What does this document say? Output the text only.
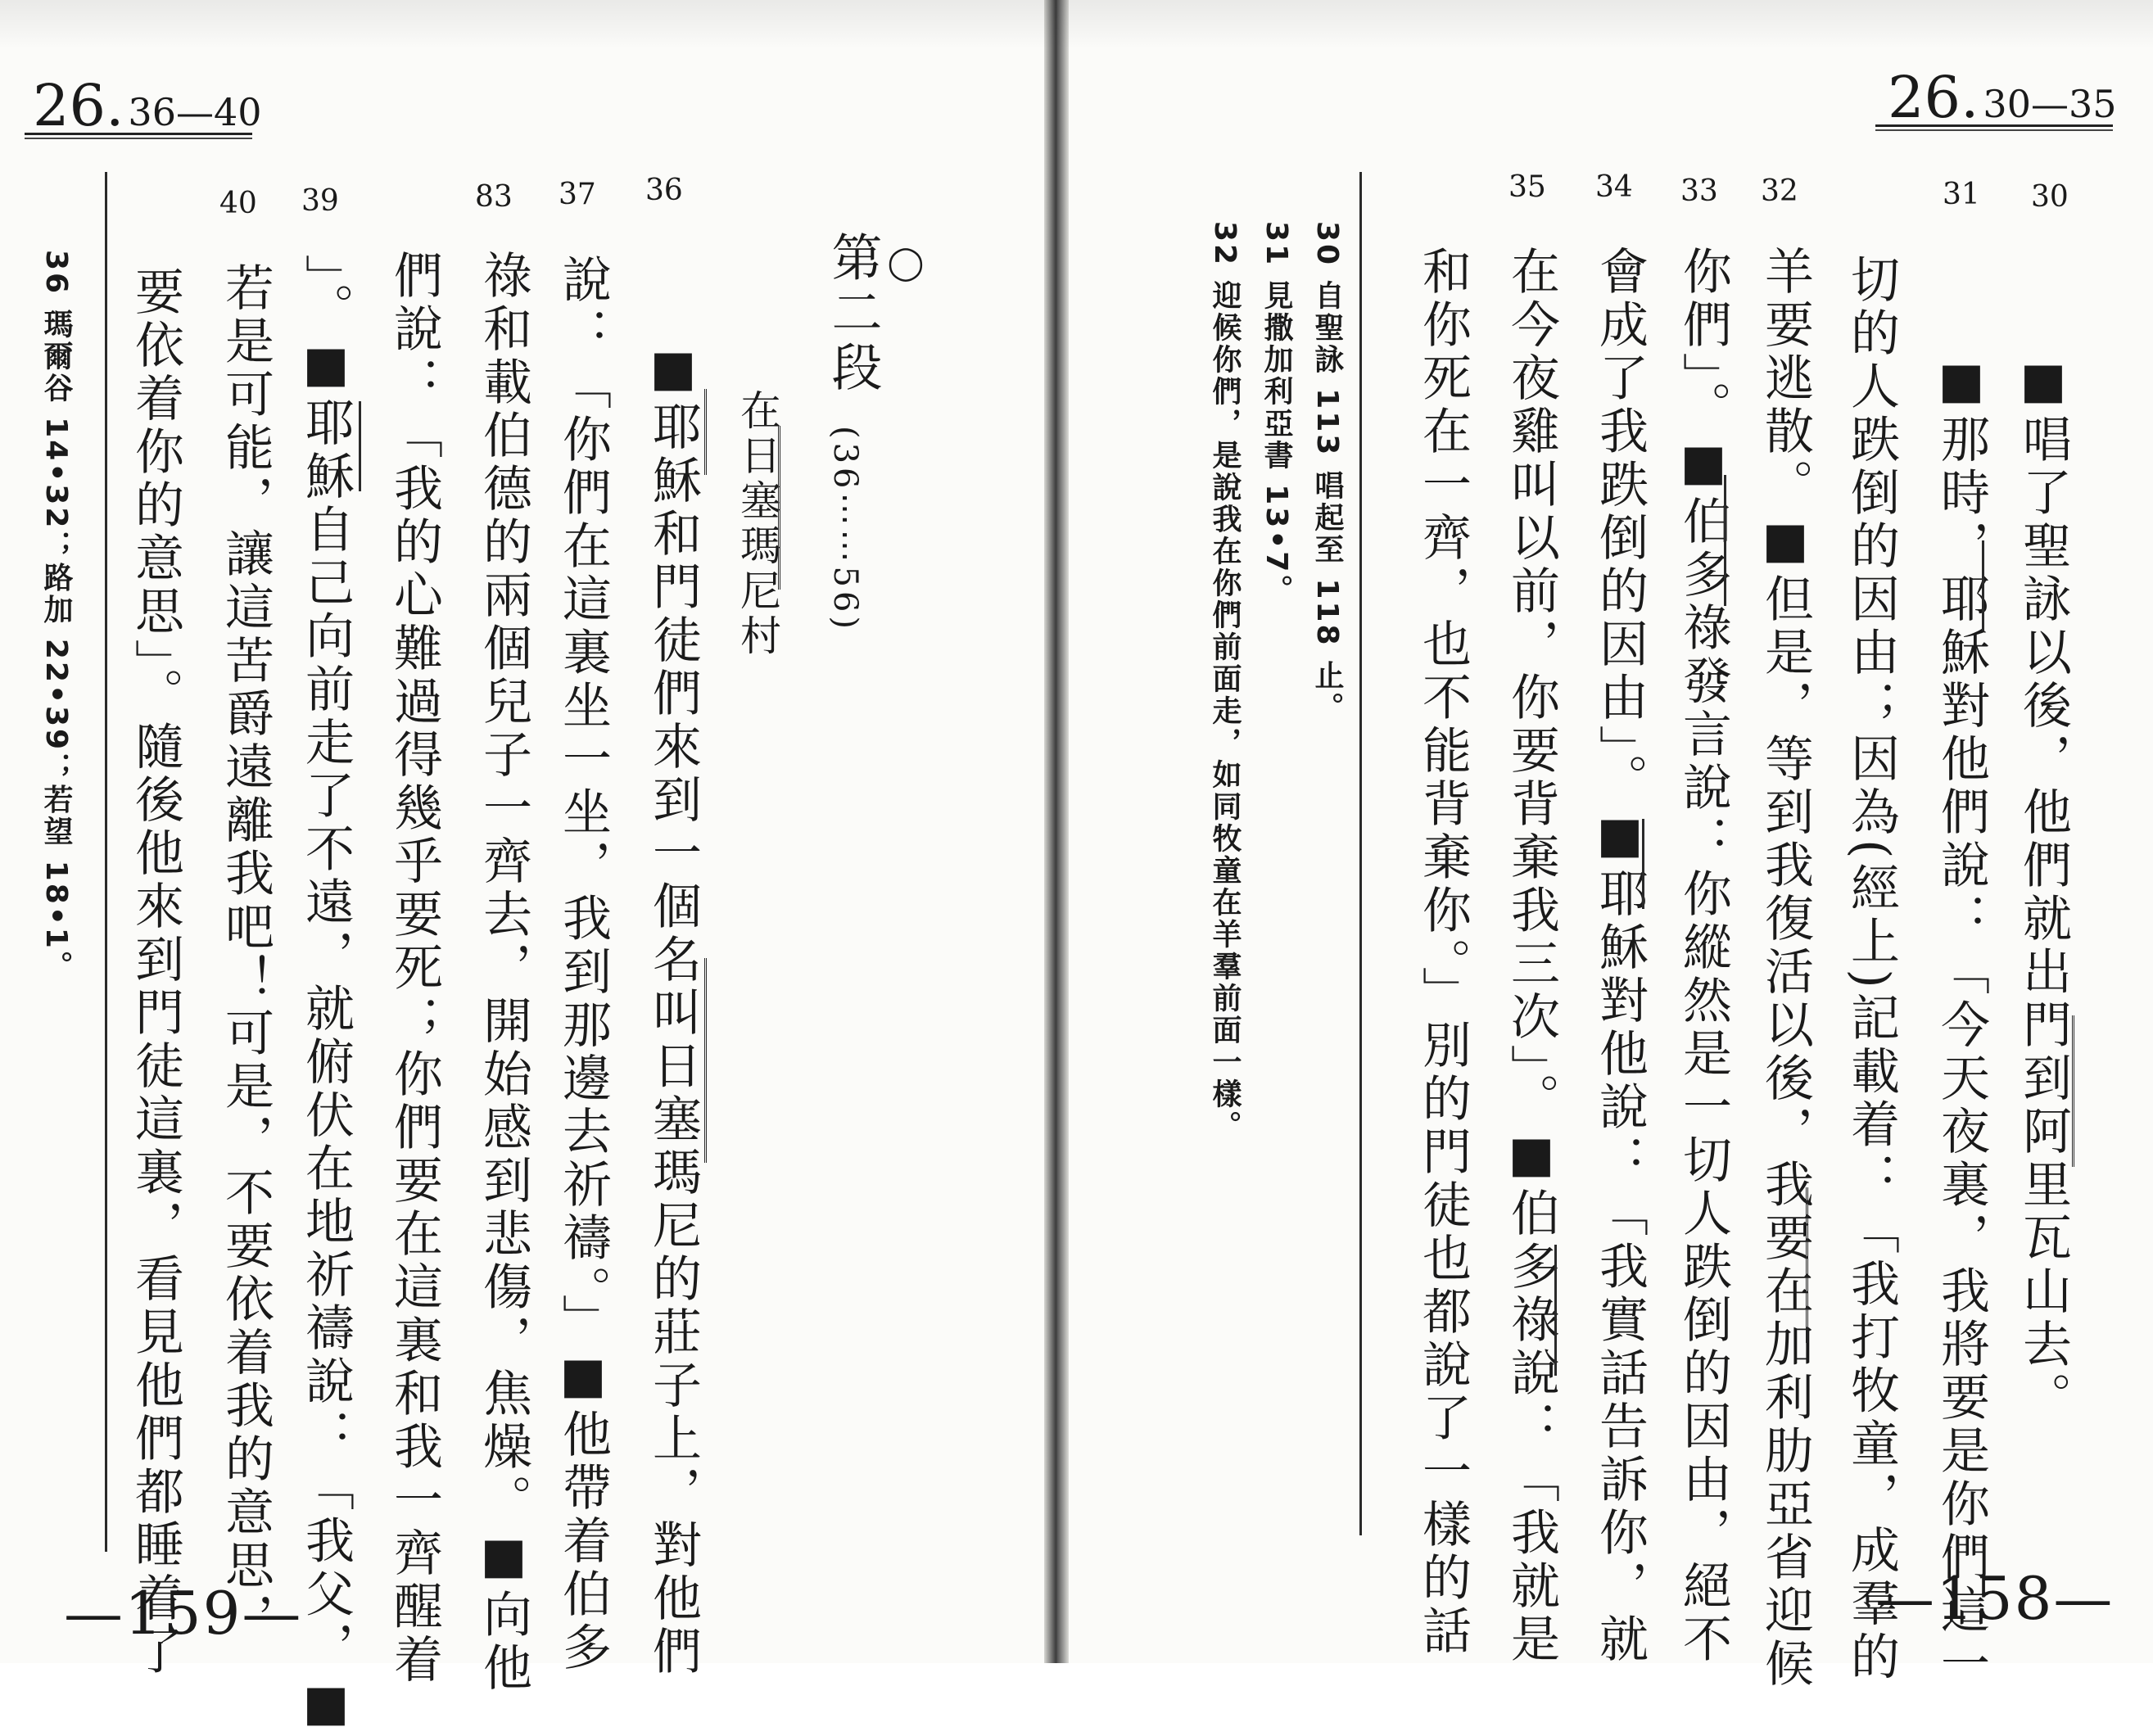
26. 36—40
36
37
83
39
40
◯
第二段
(36⋯⋯56)
在日塞瑪尼村
■耶穌和門徒們來到一個名叫日塞瑪尼的莊子上，對他們
說：「你們在這裏坐一坐，我到那邊去祈禱。」■他帶着伯多
祿和載伯德的兩個兒子一齊去，開始感到悲傷，焦燥。■向他
們說：「我的心難過得幾乎要死；你們要在這裏和我一齊醒着
」。■耶穌自己向前走了不遠，就俯伏在地祈禱說：「我父，■
若是可能，讓這苦爵遠離我吧！可是，不要依着我的意思，
要依着你的意思」。隨後他來到門徒這裏，看見他們都睡着了
36 瑪爾谷 14•32；路加 22•39；若望 18•1。
—159—
26. 30—35
30
31
32
33
34
35
■唱了聖詠以後，他們就出門到阿里瓦山去。
■那時，耶穌對他們說：「今天夜裏，我將要是你們這一
切的人跌倒的因由；因為(經上)記載着：「我打牧童，成羣的
羊要逃散。■但是，等到我復活以後，我要在加利肋亞省迎候
你們」。■伯多祿發言說：你縱然是一切人跌倒的因由，絕不
會成了我跌倒的因由」。■耶穌對他說：「我實話告訴你，就
在今夜雞叫以前，你要背棄我三次」。■伯多祿說：「我就是
和你死在一齊，也不能背棄你。」別的門徒也都說了一樣的話
30 自聖詠 113 唱起至 118 止。
31 見撒加利亞書 13•7。
32 迎候你們，是說我在你們前面走，如同牧童在羊羣前面一樣。
—158—
